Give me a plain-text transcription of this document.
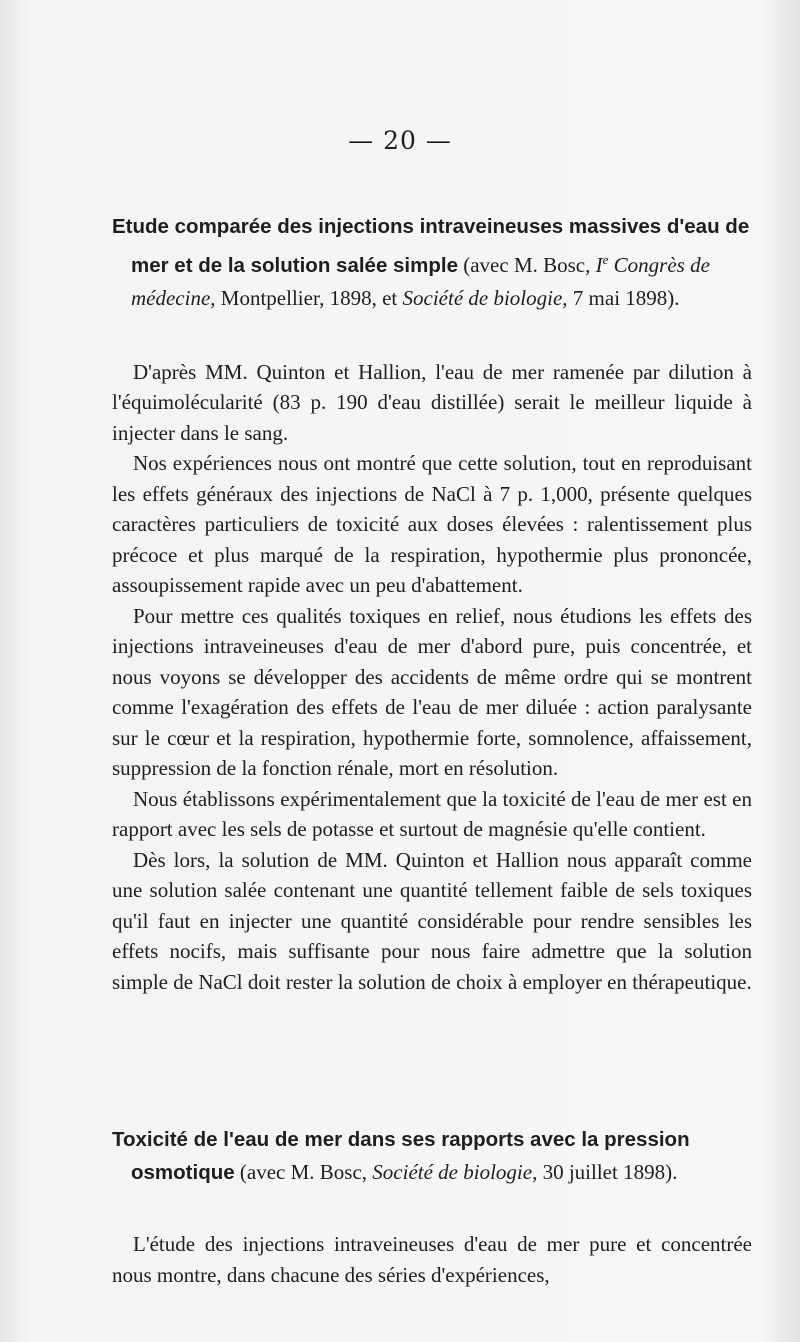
— 20 —
Etude comparée des injections intraveineuses massives d'eau de
mer et de la solution salée simple (avec M. Bosc, Ie Congrès de
médecine, Montpellier, 1898, et Société de biologie, 7 mai 1898).

D'après MM. Quinton et Hallion, l'eau de mer ramenée par dilution à l'équimolécularité (83 p. 190 d'eau distillée) serait le meilleur liquide à injecter dans le sang.

Nos expériences nous ont montré que cette solution, tout en reproduisant les effets généraux des injections de NaCl à 7 p. 1,000, présente quelques caractères particuliers de toxicité aux doses élevées : ralentissement plus précoce et plus marqué de la respiration, hypothermie plus prononcée, assoupissement rapide avec un peu d'abattement.

Pour mettre ces qualités toxiques en relief, nous étudions les effets des injections intraveineuses d'eau de mer d'abord pure, puis concentrée, et nous voyons se développer des accidents de même ordre qui se montrent comme l'exagération des effets de l'eau de mer diluée : action paralysante sur le cœur et la respiration, hypothermie forte, somnolence, affaissement, suppression de la fonction rénale, mort en résolution.

Nous établissons expérimentalement que la toxicité de l'eau de mer est en rapport avec les sels de potasse et surtout de magnésie qu'elle contient.

Dès lors, la solution de MM. Quinton et Hallion nous apparaît comme une solution salée contenant une quantité tellement faible de sels toxiques qu'il faut en injecter une quantité considérable pour rendre sensibles les effets nocifs, mais suffisante pour nous faire admettre que la solution simple de NaCl doit rester la solution de choix à employer en thérapeutique.

Toxicité de l'eau de mer dans ses rapports avec la pression
osmotique (avec M. Bosc, Société de biologie, 30 juillet 1898).

L'étude des injections intraveineuses d'eau de mer pure et concentrée nous montre, dans chacune des séries d'expériences,
